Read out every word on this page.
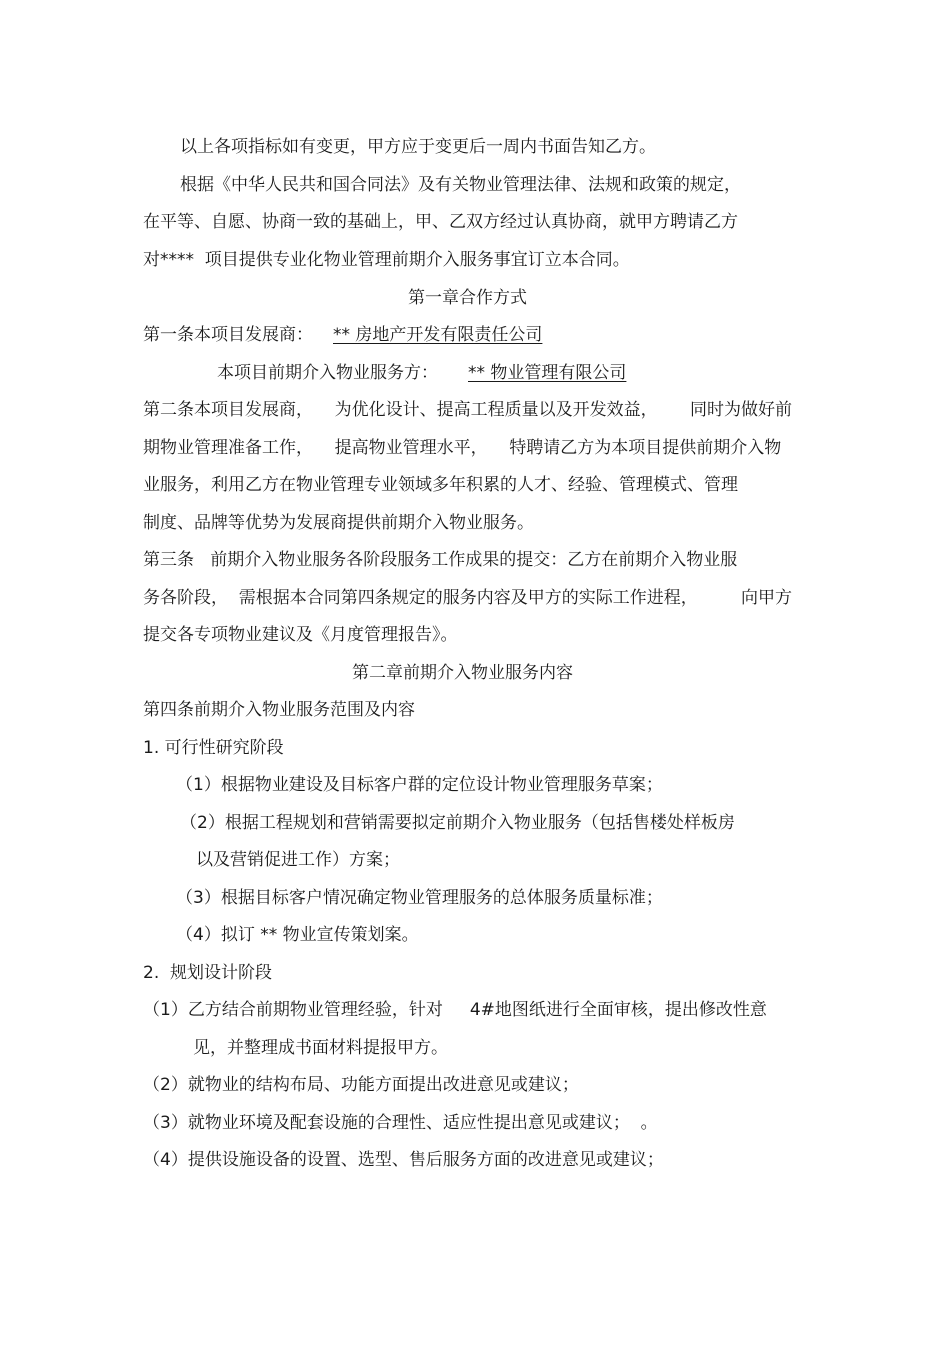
以上各项指标如有变更，甲方应于变更后一周内书面告知乙方。
根据《中华人民共和国合同法》及有关物业管理法律、法规和政策的规定，
在平等、自愿、协商一致的基础上，甲、乙双方经过认真协商，就甲方聘请乙方
对****  项目提供专业化物业管理前期介入服务事宜订立本合同。
第一章合作方式
第一条本项目发展商： ** 房地产开发有限责任公司
本项目前期介入物业服务方： ** 物业管理有限公司
第二条本项目发展商，    为优化设计、提高工程质量以及开发效益，      同时为做好前
期物业管理准备工作，    提高物业管理水平，    特聘请乙方为本项目提供前期介入物
业服务，利用乙方在物业管理专业领域多年积累的人才、经验、管理模式、管理
制度、品牌等优势为发展商提供前期介入物业服务。
第三条   前期介入物业服务各阶段服务工作成果的提交：乙方在前期介入物业服
务各阶段，  需根据本合同第四条规定的服务内容及甲方的实际工作进程，        向甲方
提交各专项物业建议及《月度管理报告》。
第二章前期介入物业服务内容
第四条前期介入物业服务范围及内容
1. 可行性研究阶段
（1）根据物业建设及目标客户群的定位设计物业管理服务草案；
（2）根据工程规划和营销需要拟定前期介入物业服务（包括售楼处样板房
以及营销促进工作）方案；
（3）根据目标客户情况确定物业管理服务的总体服务质量标准；
（4）拟订 ** 物业宣传策划案。
2.  规划设计阶段
（1）乙方结合前期物业管理经验，针对     4#地图纸进行全面审核，提出修改性意
见，并整理成书面材料提报甲方。
（2）就物业的结构布局、功能方面提出改进意见或建议；
（3）就物业环境及配套设施的合理性、适应性提出意见或建议；  。
（4）提供设施设备的设置、选型、售后服务方面的改进意见或建议；
